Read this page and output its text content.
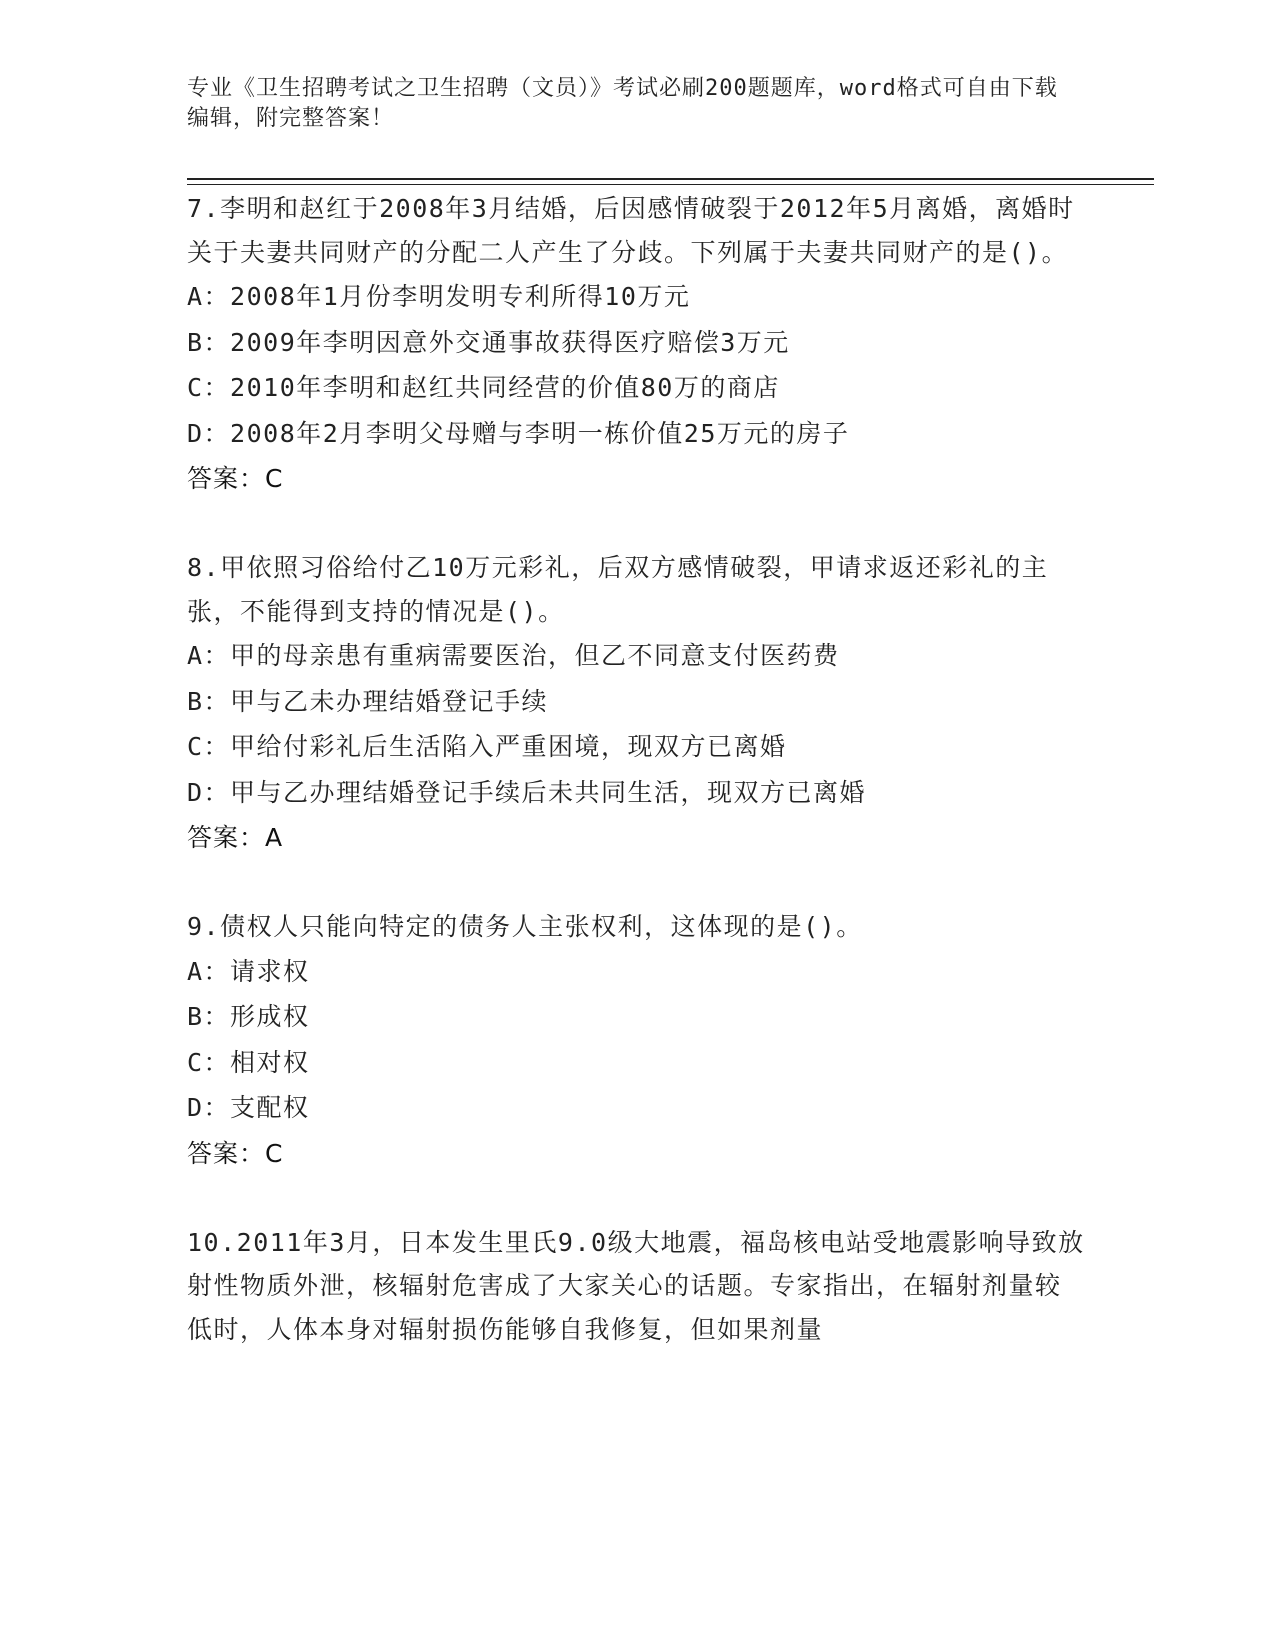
专业《卫生招聘考试之卫生招聘（文员）》考试必刷200题题库，word格式可自由下载编辑，附完整答案！

7.李明和赵红于2008年3月结婚，后因感情破裂于2012年5月离婚，离婚时关于夫妻共同财产的分配二人产生了分歧。下列属于夫妻共同财产的是()。

A：2008年1月份李明发明专利所得10万元

B：2009年李明因意外交通事故获得医疗赔偿3万元

C：2010年李明和赵红共同经营的价值80万的商店

D：2008年2月李明父母赠与李明一栋价值25万元的房子

答案：C

8.甲依照习俗给付乙10万元彩礼，后双方感情破裂，甲请求返还彩礼的主张，不能得到支持的情况是()。

A：甲的母亲患有重病需要医治，但乙不同意支付医药费

B：甲与乙未办理结婚登记手续

C：甲给付彩礼后生活陷入严重困境，现双方已离婚

D：甲与乙办理结婚登记手续后未共同生活，现双方已离婚

答案：A

9.债权人只能向特定的债务人主张权利，这体现的是()。

A：请求权

B：形成权

C：相对权

D：支配权

答案：C

10.2011年3月，日本发生里氏9.0级大地震，福岛核电站受地震影响导致放射性物质外泄，核辐射危害成了大家关心的话题。专家指出，在辐射剂量较低时，人体本身对辐射损伤能够自我修复，但如果剂量
